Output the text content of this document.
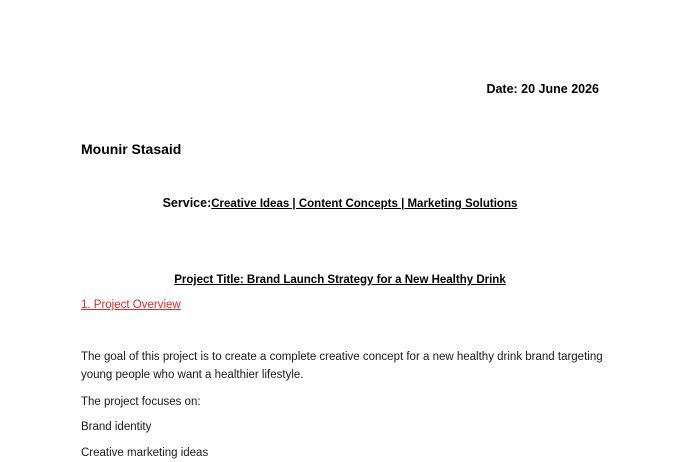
Date: 20 June 2026
Mounir Stasaid
Service:Creative Ideas | Content Concepts | Marketing Solutions
Project Title: Brand Launch Strategy for a New Healthy Drink
1. Project Overview
The goal of this project is to create a complete creative concept for a new healthy drink brand targeting young people who want a healthier lifestyle.
The project focuses on:
Brand identity
Creative marketing ideas
